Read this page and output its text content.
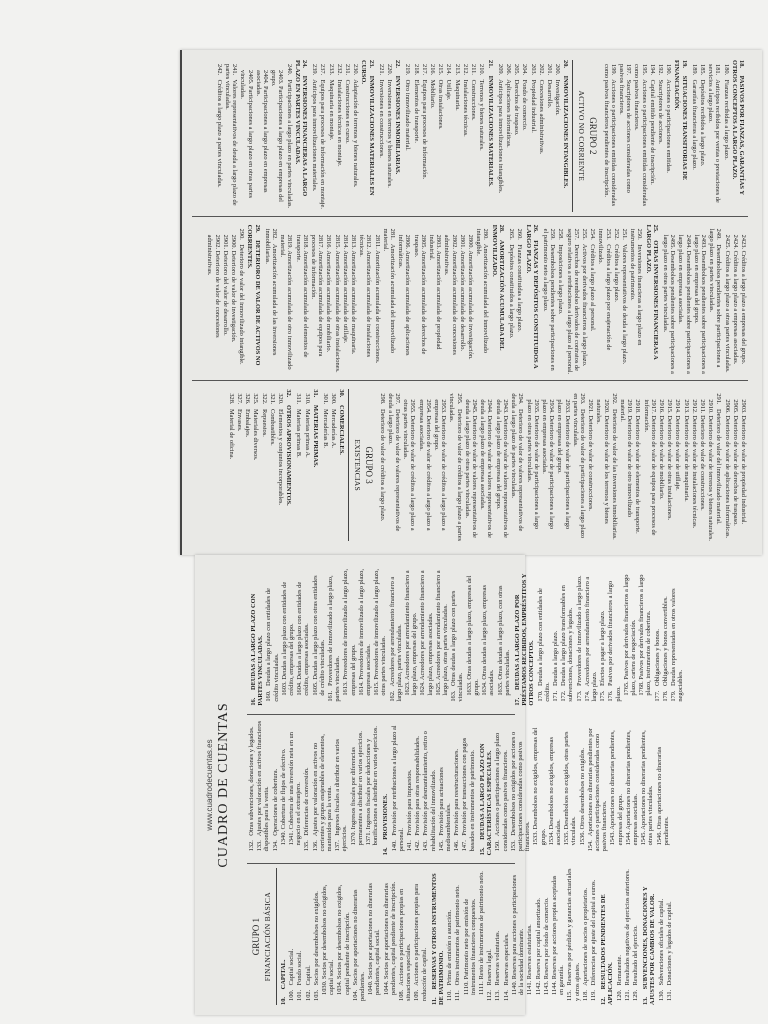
18. PASIVOS POR FIANZAS, GARANTÍAS Y OTROS CONCEPTOS A LARGO PLAZO.
180. Fianzas recibidas a largo plazo.
181. Anticipos recibidos por ventas o prestaciones de servicios a largo plazo.
185. Depósitos recibidos a largo plazo.
189. Garantías financieras a largo plazo.
19. SITUACIONES TRANSITORIAS DE FINANCIACIÓN.
190. Acciones o participaciones emitidas.
192. Suscriptores de acciones.
194. Capital emitido pendiente de inscripción.
195. Acciones o participaciones emitidas consideradas como pasivos financieros.
197. Suscriptores de acciones consideradas como pasivos financieros.
199. Acciones o participaciones emitidas consideradas como pasivos financieros pendientes de inscripción.
GRUPO 2
ACTIVO NO CORRIENTE
20. INMOVILIZACIONES INTANGIBLES.
200. Investigación.
201. Desarrollo.
202. Concesiones administrativas.
203. Propiedad industrial.
204. Fondo de comercio.
205. Derechos de traspaso.
206. Aplicaciones informáticas.
209. Anticipos para inmovilizaciones intangibles.
21. INMOVILIZACIONES MATERIALES.
210. Terrenos y bienes naturales.
211. Construcciones.
212. Instalaciones técnicas.
213. Maquinaria.
214. Utillaje.
215. Otras instalaciones.
216. Mobiliario.
217. Equipos para procesos de información.
218. Elementos de transporte.
219. Otro inmovilizado material.
22. INVERSIONES INMOBILIARIAS.
220. Inversiones en terrenos y bienes naturales.
221. Inversiones en construcciones.
23. INMOVILIZACIONES MATERIALES EN CURSO.
230. Adaptación de terrenos y bienes naturales.
231. Construcciones en curso.
232. Instalaciones técnicas en montaje.
233. Maquinaria en montaje.
237. Equipos para procesos de información en montaje.
239. Anticipos para inmovilizaciones materiales.
24. INVERSIONES FINANCIERAS A LARGO PLAZO EN PARTES VINCULADAS.
240. Participaciones a largo plazo en partes vinculadas.
2403. Participaciones a largo plazo en empresas del grupo.
2404. Participaciones a largo plazo en empresas asociadas.
2405. Participaciones a largo plazo en otras partes vinculadas.
241. Valores representativos de deuda a largo plazo de partes vinculadas.
242. Créditos a largo plazo a partes vinculadas.
2423. Créditos a largo plazo a empresas del grupo.
2424. Créditos a largo plazo a empresas asociadas.
2425. Créditos a largo plazo a otras partes vinculadas.
249. Desembolsos pendientes sobre participaciones a largo plazo en partes vinculadas.
2493. Desembolsos pendientes sobre participaciones a largo plazo en empresas del grupo.
2494. Desembolsos pendientes sobre participaciones a largo plazo en empresas asociadas.
2495. Desembolsos pendientes sobre participaciones a largo plazo en otras partes vinculadas.
25. OTRAS INVERSIONES FINANCIERAS A LARGO PLAZO.
250. Inversiones financieras a largo plazo en instrumentos de patrimonio.
251. Valores representativos de deuda a largo plazo.
252. Créditos a largo plazo.
253. Créditos a largo plazo por enajenación de inmovilizado.
254. Créditos a largo plazo al personal.
255. Activos por derivados financieros a largo plazo.
257. Derechos de reembolso derivados de contratos de seguro relativos a retribuciones a largo plazo al personal.
258. Imposiciones a largo plazo.
259. Desembolsos pendientes sobre participaciones en el patrimonio neto a largo plazo.
26. FIANZAS Y DEPÓSITOS CONSTITUIDOS A LARGO PLAZO.
260. Fianzas constituidas a largo plazo.
265. Depósitos constituidos a largo plazo.
28. AMORTIZACIÓN ACUMULADA DEL INMOVILIZADO.
280. Amortización acumulada del inmovilizado intangible.
2800. Amortización acumulada de investigación.
2801. Amortización acumulada de desarrollo.
2802. Amortización acumulada de concesiones administrativas.
2803. Amortización acumulada de propiedad industrial.
2805. Amortización acumulada de derechos de traspaso.
2806. Amortización acumulada de aplicaciones informáticas.
281. Amortización acumulada del inmovilizado material.
2811. Amortización acumulada de construcciones.
2812. Amortización acumulada de instalaciones técnicas.
2813. Amortización acumulada de maquinaria.
2814. Amortización acumulada de utillaje.
2815. Amortización acumulada de otras instalaciones.
2816. Amortización acumulada de mobiliario.
2817. Amortización acumulada de equipos para procesos de información.
2818. Amortización acumulada de elementos de transporte.
2819. Amortización acumulada de otro inmovilizado material.
282. Amortización acumulada de las inversiones inmobiliarias.
29. DETERIORO DE VALOR DE ACTIVOS NO CORRIENTES.
290. Deterioro de valor del inmovilizado intangible.
2900. Deterioro de valor de investigación.
2901. Deterioro del valor de desarrollo.
2902. Deterioro de valor de concesiones administrativas.
2903. Deterioro de valor de propiedad industrial.
2905. Deterioro de valor de derechos de traspaso.
2906. Deterioro de valor de aplicaciones informáticas.
291. Deterioro de valor del inmovilizado material.
2910. Deterioro de valor de terrenos y bienes naturales.
2911. Deterioro de valor de construcciones.
2912. Deterioro de valor de instalaciones técnicas.
2913. Deterioro de valor de maquinaria.
2914. Deterioro de valor de utillaje.
2915. Deterioro de valor de otras instalaciones.
2916. Deterioro de valor de mobiliario.
2917. Deterioro de valor de equipos para procesos de información.
2918. Deterioro de valor de elementos de transporte.
2919. Deterioro de valor de otro inmovilizado material.
292. Deterioro de valor de las inversiones inmobiliarias.
2920. Deterioro de valor de los terrenos y bienes naturales.
2921. Deterioro de valor de construcciones.
293. Deterioro de valor de participaciones a largo plazo en partes vinculadas.
2933. Deterioro de valor de participaciones a largo plazo en empresas del grupo.
2934. Deterioro de valor de participaciones a largo plazo en empresas asociadas.
2935. Deterioro de valor de participaciones a largo plazo en otras partes vinculadas.
294. Deterioro de valor de valores representativos de deuda a largo plazo de partes vinculadas.
2943. Deterioro de valor de valores representativos de deuda a largo plazo de empresas del grupo.
2944. Deterioro de valor de valores representativos de deuda a largo plazo de empresas asociadas.
2945. Deterioro de valor de valores representativos de deuda a largo plazo de otras partes vinculadas.
295. Deterioro de valor de créditos a largo plazo a partes vinculadas.
2953. Deterioro de valor de créditos a largo plazo a empresas del grupo.
2954. Deterioro de valor de créditos a largo plazo a empresas asociadas.
2955. Deterioro de valor de créditos a largo plazo a otras partes vinculadas.
297. Deterioro de valor de valores representativos de deuda a largo plazo.
298. Deterioro de valor de créditos a largo plazo.
GRUPO 3
EXISTENCIAS
30. COMERCIALES.
300. Mercaderías A.
301. Mercaderías B.
31. MATERIAS PRIMAS.
310. Materias primas A.
311. Materias primas B.
32. OTROS APROVISIONAMIENTOS.
320. Elementos y conjuntos incorporables.
321. Combustibles.
322. Repuestos.
325. Materiales diversos.
326. Embalajes.
327. Envases.
328. Material de oficina.
www.cuadrodecuentas.es CUADRO DE CUENTAS
GRUPO 1 FINANCIACIÓN BÁSICA
10. CAPITAL.
100. Capital social.
101. Fondo social.
102. Capital.
103. Socios por desembolsos no exigidos.
1030. Socios por desembolsos no exigidos, capital social. 1034. Socios por desembolsos no exigidos, capital pendiente de inscripción.
104. Socios por aportaciones no dinerarias pendientes. 1040. Socios por aportaciones no dinerarias pendientes, capital social. 1044. Socios por aportaciones no dinerarias pendientes, capital pendiente de inscripción.
108. Acciones o participaciones propias en situaciones especiales. 109. Acciones o participaciones propias para reducción de capital.
11. RESERVAS Y OTROS INSTRUMENTOS DE PATRIMONIO. 110. Prima de emisión o asunción.
111. Otros instrumentos de patrimonio neto.
1110. Patrimonio neto por emisión de instrumentos financieros compuestos. 1111. Resto de instrumentos de patrimonio neto.
112. Reserva legal.
113. Reservas voluntarias.
114. Reservas especiales.
1140. Reservas para acciones o participaciones de la sociedad dominante. 1141. Reservas estatutarias.
1142. Reserva por capital amortizado.
1143. Reserva por fondo de comercio.
1144. Reservas por acciones propias aceptadas en garantía.
115. Reservas por pérdidas y ganancias actuariales y otros ajustes. 118. Aportaciones de socios o propietarios.
119. Diferencias por ajuste del capital a euros.
12. RESULTADOS PENDIENTES DE APLICACIÓN. 120. Remanente.
121. Resultados negativos de ejercicios anteriores.
129. Resultado del ejercicio.
13. SUBVENCIONES, DONACIONES Y AJUSTES POR CAMBIOS DE VALOR. 130. Subvenciones oficiales de capital.
131. Donaciones y legados de capital.
132. Otras subvenciones, donaciones y legados.
133. Ajustes por valoración en activos financieros disponibles para la venta. 134. Operaciones de cobertura.
1340. Cobertura de flujos de efectivo.
1341. Cobertura de una inversión neta en un negocio en el extranjero.
135. Diferencias de conversión.
136. Ajustes por valoración en activos no corrientes y grupos enajenables de elementos, mantenidos para la venta. 137. Ingresos fiscales a distribuir en varios ejercicios. 1370. Ingresos fiscales por diferencias permanentes a distribuir en varios ejercicios. 1371. Ingresos fiscales por deducciones y bonificaciones a distribuir en varios ejercicios.
14. PROVISIONES.
140. Provisión por retribuciones a largo plazo al personal. 141. Provisión para impuestos.
142. Provisión para otras responsabilidades.
143. Provisión por desmantelamiento, retiro o rehabilitación del inmovilizado. 145. Provisión para actuaciones medioambientales. 146. Provisión para reestructuraciones.
147. Provisión por transacciones con pagos basados en instrumentos de patrimonio. 15. DEUDAS A LARGO PLAZO CON CARACTERÍSTICAS ESPECIALES. 150. Acciones o participaciones a largo plazo consideradas como pasivos financieros. 153. Desembolsos no exigidos por acciones o participaciones consideradas como pasivos financieros. 1533. Desembolsos no exigidos, empresas del grupo. 1534. Desembolsos no exigidos, empresas asociadas. 1535. Desembolsos no exigidos, otras partes vinculadas. 1536. Otros desembolsos no exigidos.
154. Aportaciones no dinerarias pendientes por acciones o participaciones consideradas como pasivos financieros. 1543. Aportaciones no dinerarias pendientes, empresas del grupo. 1544. Aportaciones no dinerarias pendientes, empresas asociadas. 1545. Aportaciones no dinerarias pendientes, otras partes vinculadas. 1546. Otras aportaciones no dinerarias pendientes.
16. DEUDAS A LARGO PLAZO CON PARTES VINCULADAS. 160. Deudas a largo plazo con entidades de crédito vinculadas. 1603. Deudas a largo plazo con entidades de crédito, empresas del grupo. 1604. Deudas a largo plazo con entidades de crédito, empresas asociadas. 1605. Deudas a largo plazo con otras entidades de crédito vinculadas.
161. Proveedores de inmovilizado a largo plazo, partes vinculadas. 1613. Proveedores de inmovilizado a largo plazo, empresas del grupo. 1614. Proveedores de inmovilizado a largo plazo, empresas asociadas. 1615. Proveedores de inmovilizado a largo plazo, otras partes vinculadas.
162. Acreedores por arrendamiento financiero a largo plazo, partes vinculadas. 1623. Acreedores por arrendamiento financiero a largo plazo, empresas del grupo. 1624. Acreedores por arrendamiento financiero a largo plazo, empresas asociadas. 1625. Acreedores por arrendamiento financiero a largo plazo, otras partes vinculadas.
163. Otras deudas a largo plazo con partes vinculadas. 1633. Otras deudas a largo plazo, empresas del grupo. 1634. Otras deudas a largo plazo, empresas asociadas. 1635. Otras deudas a largo plazo, con otras partes vinculadas.
17. DEUDAS A LARGO PLAZO POR PRÉSTAMOS RECIBIDOS, EMPRÉSTITOS Y OTROS CONCEPTOS. 170. Deudas a largo plazo con entidades de crédito. 171. Deudas a largo plazo.
172. Deudas a largo plazo transformables en subvenciones, donaciones y legados. 173. Proveedores de inmovilizado a largo plazo.
174. Acreedores por arrendamiento financiero a largo plazo. 175. Efectos a pagar a largo plazo.
176. Pasivos por derivados financieros a largo plazo. 1765. Pasivos por derivados financieros a largo plazo, cartera de negociación. 1768. Pasivos por derivados financieros a largo plazo, instrumentos de cobertura.
177. Obligaciones y bonos.
178. Obligaciones y bonos convertibles.
179. Deudas representadas en otros valores negociables.
